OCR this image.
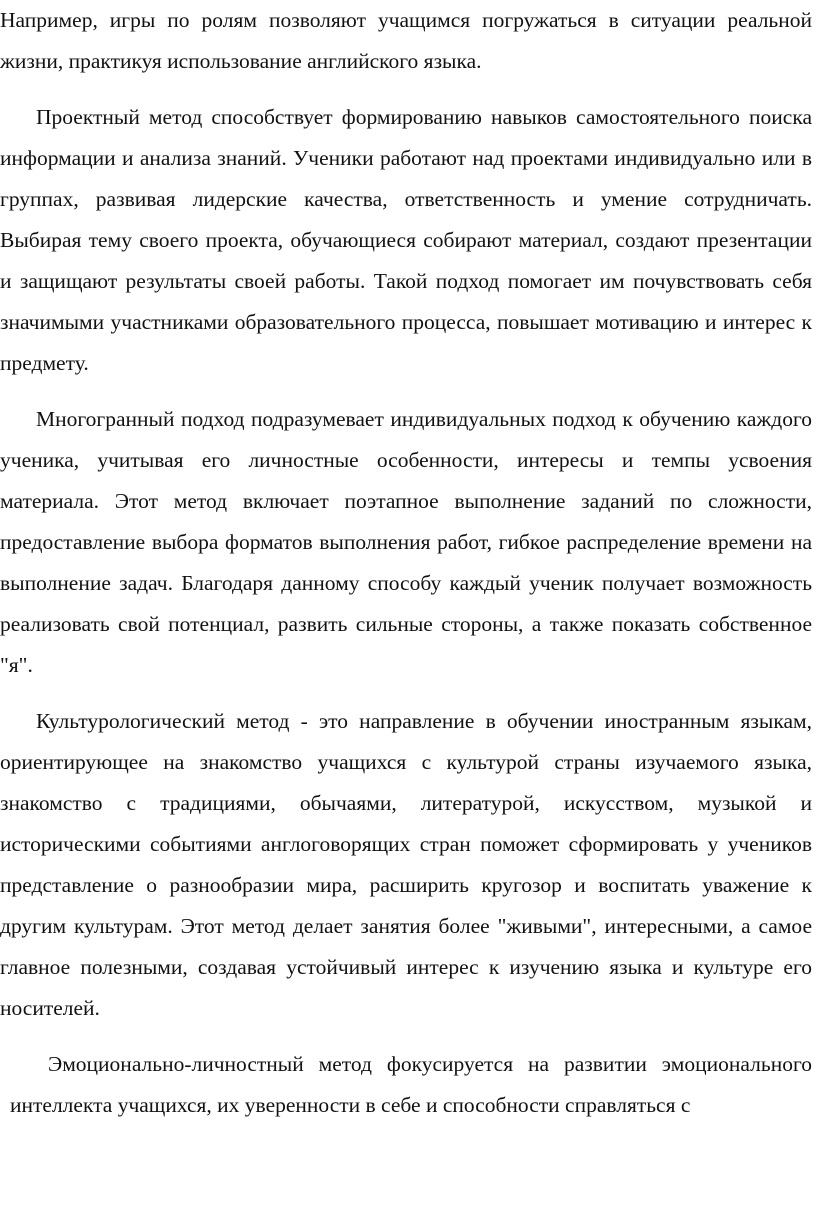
Например, игры по ролям позволяют учащимся погружаться в ситуации реальной жизни, практикуя использование английского языка.

Проектный метод способствует формированию навыков самостоятельного поиска информации и анализа знаний. Ученики работают над проектами индивидуально или в группах, развивая лидерские качества, ответственность и умение сотрудничать. Выбирая тему своего проекта, обучающиеся собирают материал, создают презентации и защищают результаты своей работы. Такой подход помогает им почувствовать себя значимыми участниками образовательного процесса, повышает мотивацию и интерес к предмету.

Многогранный подход подразумевает индивидуальных подход к обучению каждого ученика, учитывая его личностные особенности, интересы и темпы усвоения материала. Этот метод включает поэтапное выполнение заданий по сложности, предоставление выбора форматов выполнения работ, гибкое распределение времени на выполнение задач. Благодаря данному способу каждый ученик получает возможность реализовать свой потенциал, развить сильные стороны, а также показать собственное "я".

Культурологический метод - это направление в обучении иностранным языкам, ориентирующее на знакомство учащихся с культурой страны изучаемого языка, знакомство с традициями, обычаями, литературой, искусством, музыкой и историческими событиями англоговорящих стран поможет сформировать у учеников представление о разнообразии мира, расширить кругозор и воспитать уважение к другим культурам. Этот метод делает занятия более "живыми", интересными, а самое главное полезными, создавая устойчивый интерес к изучению языка и культуре его носителей.

Эмоционально-личностный метод фокусируется на развитии эмоционального интеллекта учащихся, их уверенности в себе и способности справляться с
